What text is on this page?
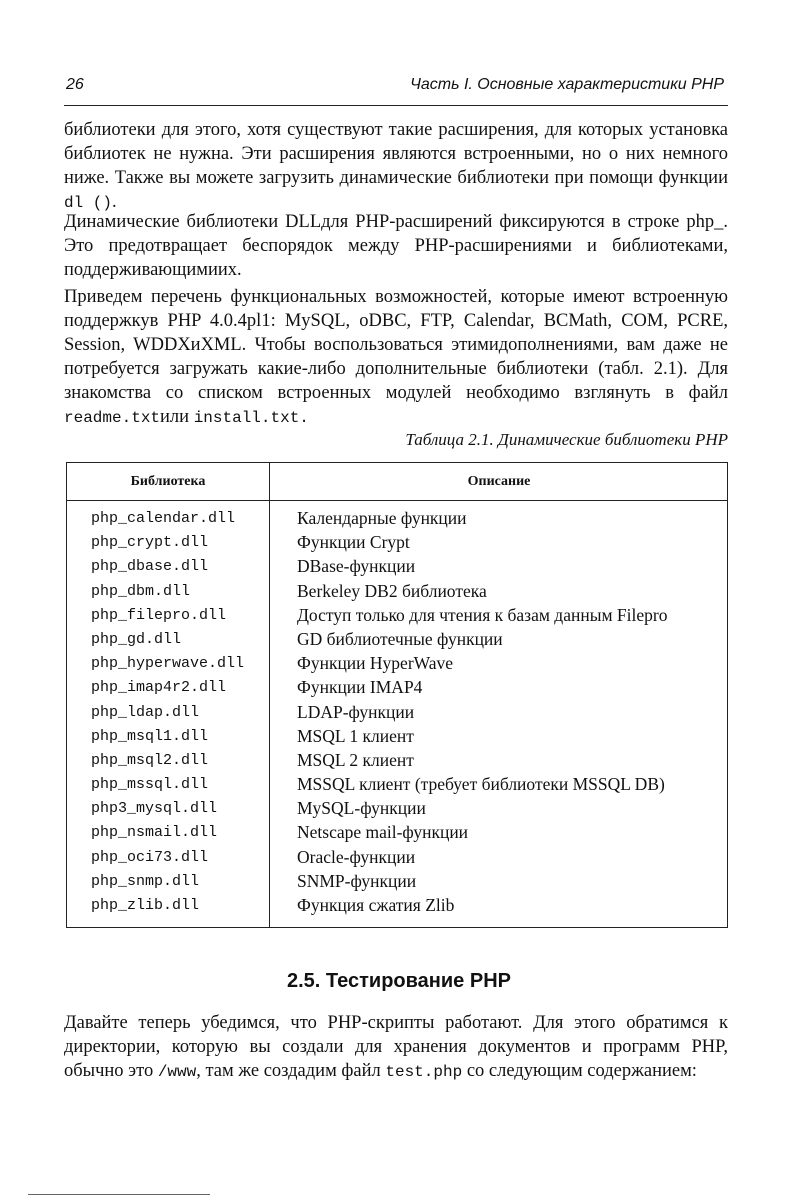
26	Часть I. Основные характеристики PHP

библиотеки для этого, хотя существуют такие расширения, для которых установка библиотек не нужна. Эти расширения являются встроенными, но о них немного ниже. Также вы можете загрузить динамические библиотеки при помощи функции dl ().

Динамические библиотеки DLLдля PHP-расширений фиксируются в строке php_. Это предотвращает беспорядок между PHP-расширениями и библиотеками, поддерживающимиих.

Приведем перечень функциональных возможностей, которые имеют встроенную поддержкув PHP 4.0.4pl1: MySQL, oDBC, FTP, Calendar, BCMath, COM, PCRE, Session, WDDXиXML. Чтобы воспользоваться этимидополнениями, вам даже не потребуется загружать какие-либо дополнительные библиотеки (табл. 2.1). Для знакомства со списком встроенных модулей необходимо взглянуть в файл readme.txtили install.txt.

Таблица 2.1. Динамические библиотеки PHP
Библиотека	Описание
php_calendar.dll	Календарные функции
php_crypt.dll	Функции Crypt
php_dbase.dll	DBase-функции
php_dbm.dll	Berkeley DB2 библиотека
php_filepro.dll	Доступ только для чтения к базам данным Filepro
php_gd.dll	GD библиотечные функции
php_hyperwave.dll	Функции HyperWave
php_imap4r2.dll	Функции IMAP4
php_ldap.dll	LDAP-функции
php_msql1.dll	MSQL 1 клиент
php_msql2.dll	MSQL 2 клиент
php_mssql.dll	MSSQL клиент (требует библиотеки MSSQL DB)
php3_mysql.dll	MySQL-функции
php_nsmail.dll	Netscape mail-функции
php_oci73.dll	Oracle-функции
php_snmp.dll	SNMP-функции
php_zlib.dll	Функция сжатия Zlib
2.5. Тестирование PHP

Давайте теперь убедимся, что PHP-скрипты работают. Для этого обратимся к директории, которую вы создали для хранения документов и программ PHP, обычно это /www, там же создадим файл test.php со следующим содержанием:
